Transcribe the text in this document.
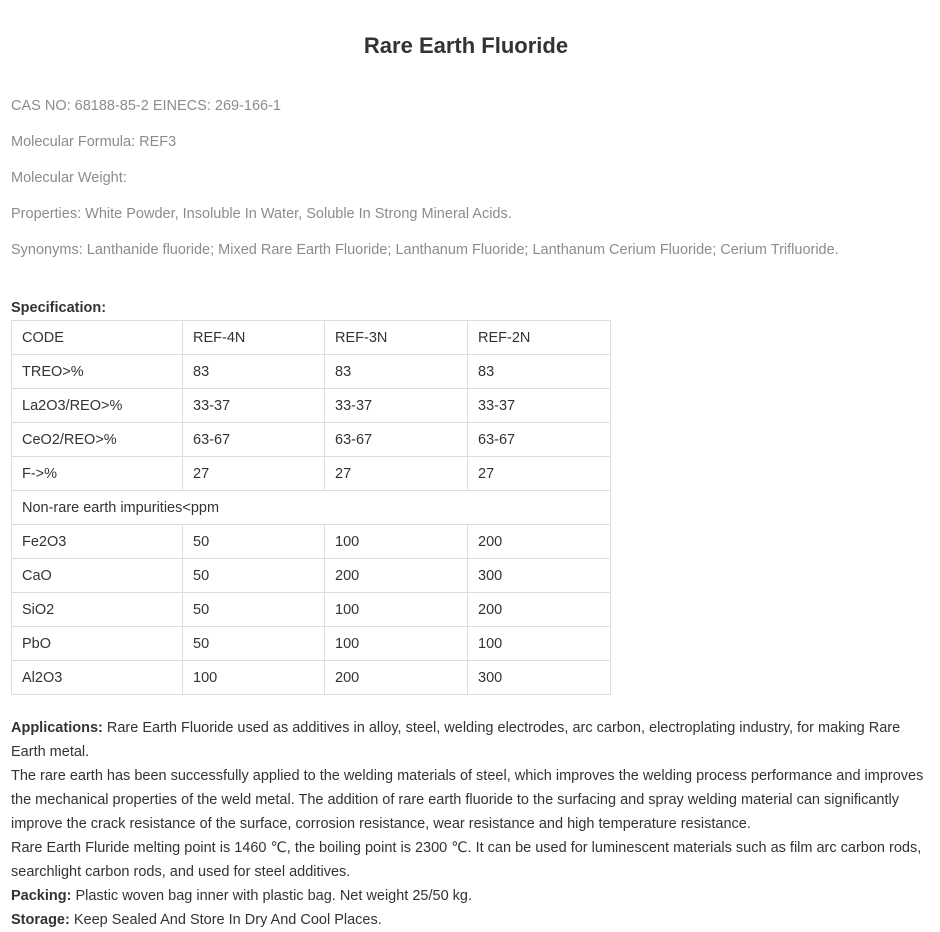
Rare Earth Fluoride
CAS NO: 68188-85-2 EINECS: 269-166-1
Molecular Formula: REF3
Molecular Weight:
Properties: White Powder, Insoluble In Water, Soluble In Strong Mineral Acids.
Synonyms: Lanthanide fluoride; Mixed Rare Earth Fluoride; Lanthanum Fluoride; Lanthanum Cerium Fluoride; Cerium Trifluoride.
Specification:
CODE	REF-4N	REF-3N	REF-2N
TREO>%	83	83	83
La2O3/REO>%	33-37	33-37	33-37
CeO2/REO>%	63-67	63-67	63-67
F->%	27	27	27
Non-rare earth impurities<ppm			
Fe2O3	50	100	200
CaO	50	200	300
SiO2	50	100	200
PbO	50	100	100
Al2O3	100	200	300

Applications: Rare Earth Fluoride used as additives in alloy, steel, welding electrodes, arc carbon, electroplating industry, for making Rare Earth metal.

The rare earth has been successfully applied to the welding materials of steel, which improves the welding process performance and improves the mechanical properties of the weld metal. The addition of rare earth fluoride to the surfacing and spray welding material can significantly improve the crack resistance of the surface, corrosion resistance, wear resistance and high temperature resistance.

Rare Earth Fluride melting point is 1460 ℃, the boiling point is 2300 ℃. It can be used for luminescent materials such as film arc carbon rods, searchlight carbon rods, and used for steel additives.

Packing: Plastic woven bag inner with plastic bag. Net weight 25/50 kg.

Storage: Keep Sealed And Store In Dry And Cool Places.
